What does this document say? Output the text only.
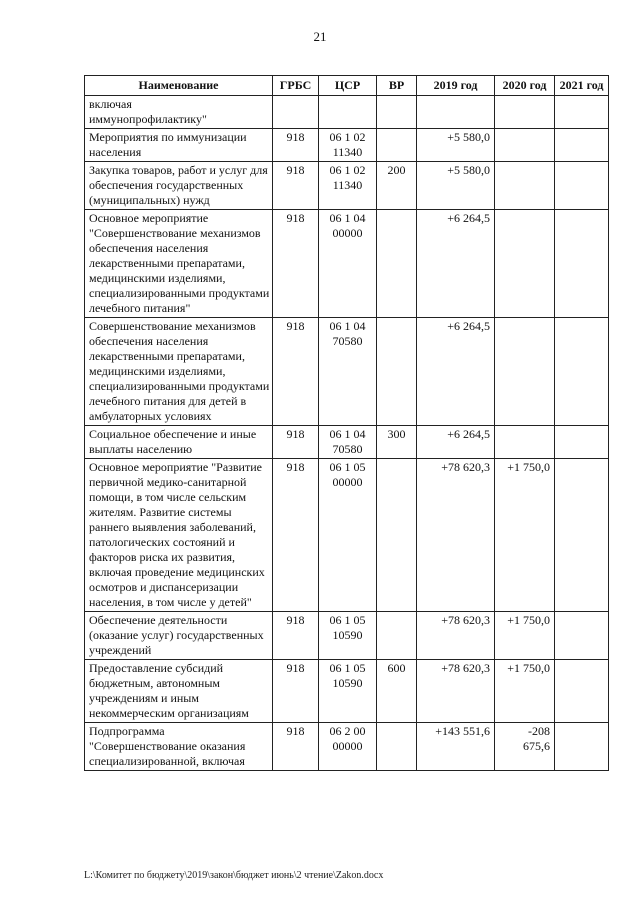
21
Наименование	ГРБС	ЦСР	ВР	2019 год	2020 год	2021 год
включая
иммунопрофилактику"						
Мероприятия по иммунизации населения	918	06 1 02 11340		+5 580,0		
Закупка товаров, работ и услуг для обеспечения государственных (муниципальных) нужд	918	06 1 02 11340	200	+5 580,0		
Основное мероприятие "Совершенствование механизмов обеспечения населения лекарственными препаратами, медицинскими изделиями, специализированными продуктами лечебного питания"	918	06 1 04 00000		+6 264,5		
Совершенствование механизмов обеспечения населения лекарственными препаратами, медицинскими изделиями, специализированными продуктами лечебного питания для детей в амбулаторных условиях	918	06 1 04 70580		+6 264,5		
Социальное обеспечение и иные выплаты населению	918	06 1 04 70580	300	+6 264,5		
Основное мероприятие "Развитие первичной медико-санитарной помощи, в том числе сельским жителям. Развитие системы раннего выявления заболеваний, патологических состояний и факторов риска их развития, включая проведение медицинских осмотров и диспансеризации населения, в том числе у детей"	918	06 1 05 00000		+78 620,3	+1 750,0	
Обеспечение деятельности (оказание услуг) государственных учреждений	918	06 1 05 10590		+78 620,3	+1 750,0	
Предоставление субсидий бюджетным, автономным учреждениям и иным некоммерческим организациям	918	06 1 05 10590	600	+78 620,3	+1 750,0	
Подпрограмма "Совершенствование оказания специализированной, включая	918	06 2 00 00000		+143 551,6	-208
675,6	
L:\Комитет по бюджету\2019\закон\бюджет июнь\2 чтение\Zakon.docx
